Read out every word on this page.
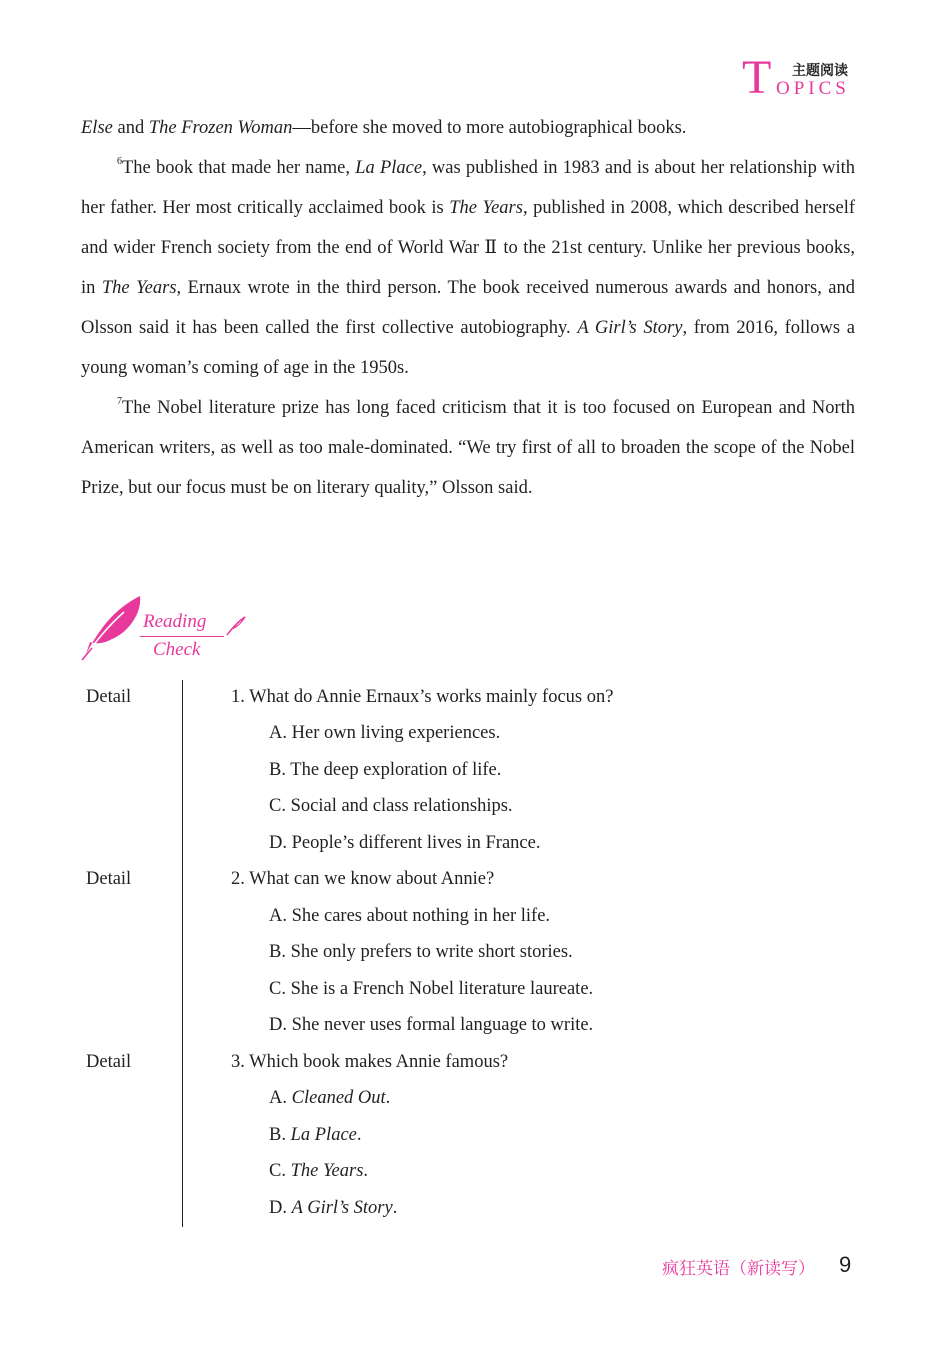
T 主题阅读
OPICS

Else and The Frozen Woman—before she moved to more autobiographical books.

$^6$The book that made her name, La Place, was published in 1983 and is about her relationship with her father. Her most critically acclaimed book is The Years, published in 2008, which described herself and wider French society from the end of World War Ⅱ to the 21st century. Unlike her previous books, in The Years, Ernaux wrote in the third person. The book received numerous awards and honors, and Olsson said it has been called the first collective autobiography. A Girl’s Story, from 2016, follows a young woman’s coming of age in the 1950s.

$^7$The Nobel literature prize has long faced criticism that it is too focused on European and North American writers, as well as too male-dominated. “We try first of all to broaden the scope of the Nobel Prize, but our focus must be on literary quality,” Olsson said.

Reading
Check
Detail	1. What do Annie Ernaux’s works mainly focus on?
A. Her own living experiences.
B. The deep exploration of life.
C. Social and class relationships.
D. People’s different lives in France.
Detail	2. What can we know about Annie?
A. She cares about nothing in her life.
B. She only prefers to write short stories.
C. She is a French Nobel literature laureate.
D. She never uses formal language to write.
Detail	3. Which book makes Annie famous?
A. Cleaned Out.
B. La Place.
C. The Years.
D. A Girl’s Story.
疯狂英语（新读写） 9
